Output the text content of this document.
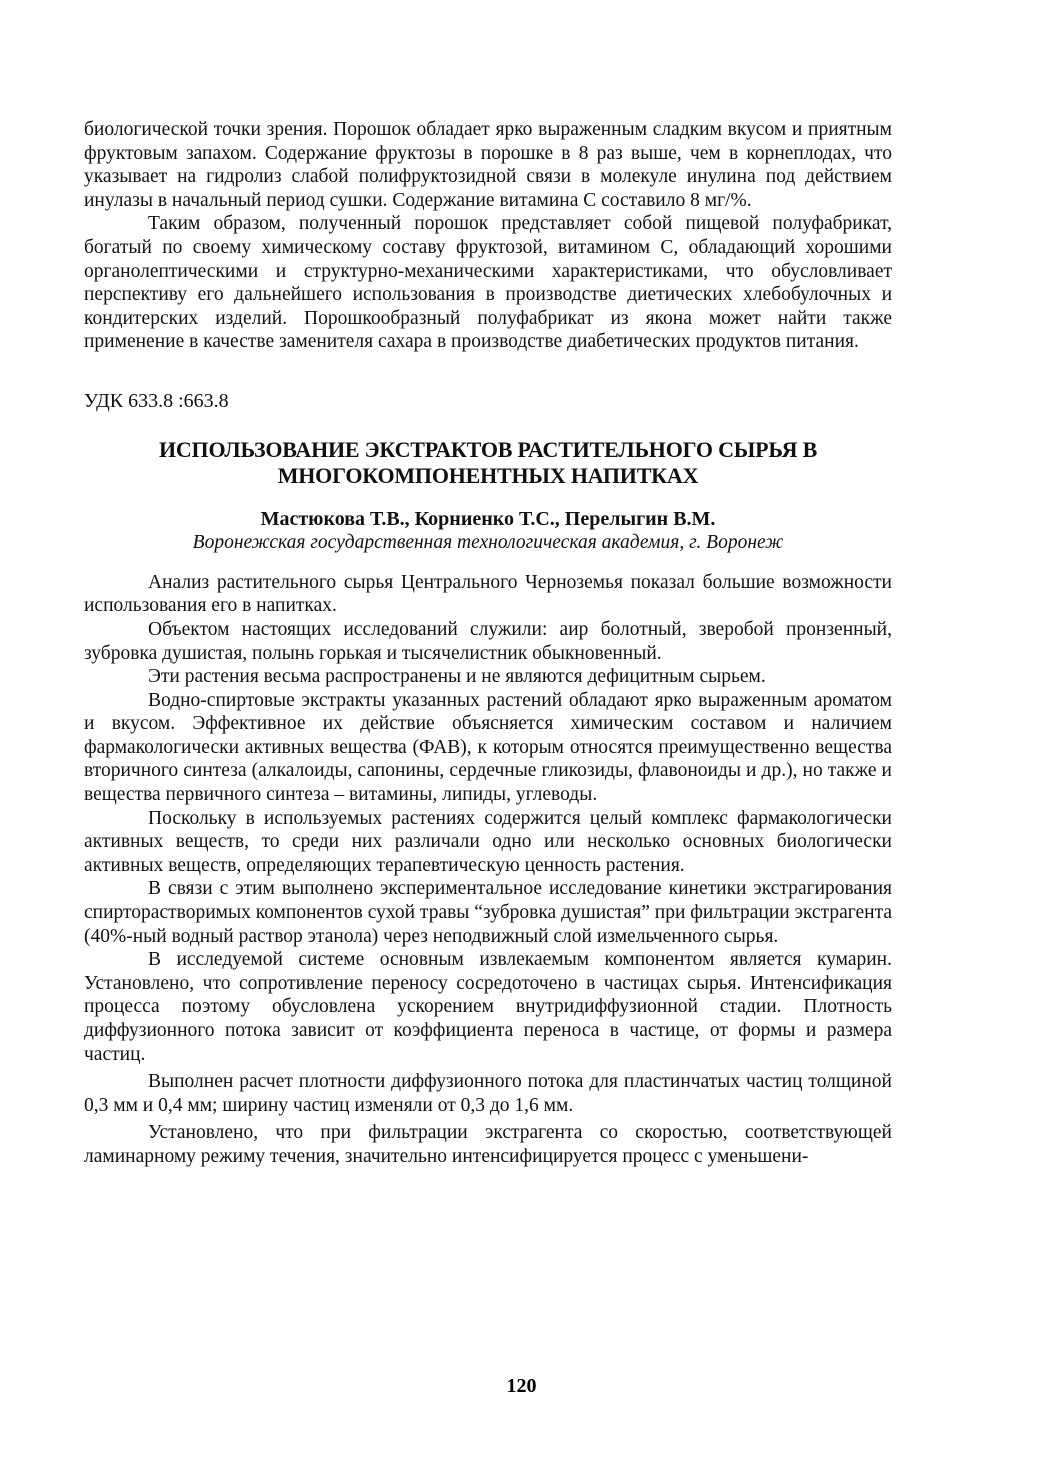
биологической точки зрения. Порошок обладает ярко выраженным сладким вкусом и приятным фруктовым запахом. Содержание фруктозы в порошке в 8 раз выше, чем в корнеплодах, что указывает на гидролиз слабой полифруктозидной связи в молекуле инулина под действием инулазы в начальный период сушки. Содержание витамина С составило 8 мг/%.

Таким образом, полученный порошок представляет собой пищевой полуфабрикат, богатый по своему химическому составу фруктозой, витамином С, обладающий хорошими органолептическими и структурно-механическими характеристиками, что обусловливает перспективу его дальнейшего использования в производстве диетических хлебобулочных и кондитерских изделий. Порошкообразный полуфабрикат из якона может найти также применение в качестве заменителя сахара в производстве диабетических продуктов питания.

УДК 633.8 :663.8
ИСПОЛЬЗОВАНИЕ ЭКСТРАКТОВ РАСТИТЕЛЬНОГО СЫРЬЯ В
МНОГОКОМПОНЕНТНЫХ НАПИТКАХ
Мастюкова Т.В., Корниенко Т.С., Перелыгин В.М.
Воронежская государственная технологическая академия, г. Воронеж

Анализ растительного сырья Центрального Черноземья показал большие возможности использования его в напитках.

Объектом настоящих исследований служили: аир болотный, зверобой пронзенный, зубровка душистая, полынь горькая и тысячелистник обыкновенный.

Эти растения весьма распространены и не являются дефицитным сырьем.

Водно-спиртовые экстракты указанных растений обладают ярко выраженным ароматом и вкусом. Эффективное их действие объясняется химическим составом и наличием фармакологически активных вещества (ФАВ), к которым относятся преимущественно вещества вторичного синтеза (алкалоиды, сапонины, сердечные гликозиды, флавоноиды и др.), но также и вещества первичного синтеза – витамины, липиды, углеводы.

Поскольку в используемых растениях содержится целый комплекс фармакологически активных веществ, то среди них различали одно или несколько основных биологически активных веществ, определяющих терапевтическую ценность растения.

В связи с этим выполнено экспериментальное исследование кинетики экстрагирования спирторастворимых компонентов сухой травы “зубровка душистая” при фильтрации экстрагента (40%-ный водный раствор этанола) через неподвижный слой измельченного сырья.

В исследуемой системе основным извлекаемым компонентом является кумарин. Установлено, что сопротивление переносу сосредоточено в частицах сырья. Интенсификация процесса поэтому обусловлена ускорением внутридиффузионной стадии. Плотность диффузионного потока зависит от коэффициента переноса в частице, от формы и размера частиц.

Выполнен расчет плотности диффузионного потока для пластинчатых частиц толщиной 0,3 мм и 0,4 мм; ширину частиц изменяли от 0,3 до 1,6 мм.

Установлено, что при фильтрации экстрагента со скоростью, соответствующей ламинарному режиму течения, значительно интенсифицируется процесс с уменьшени-

120
